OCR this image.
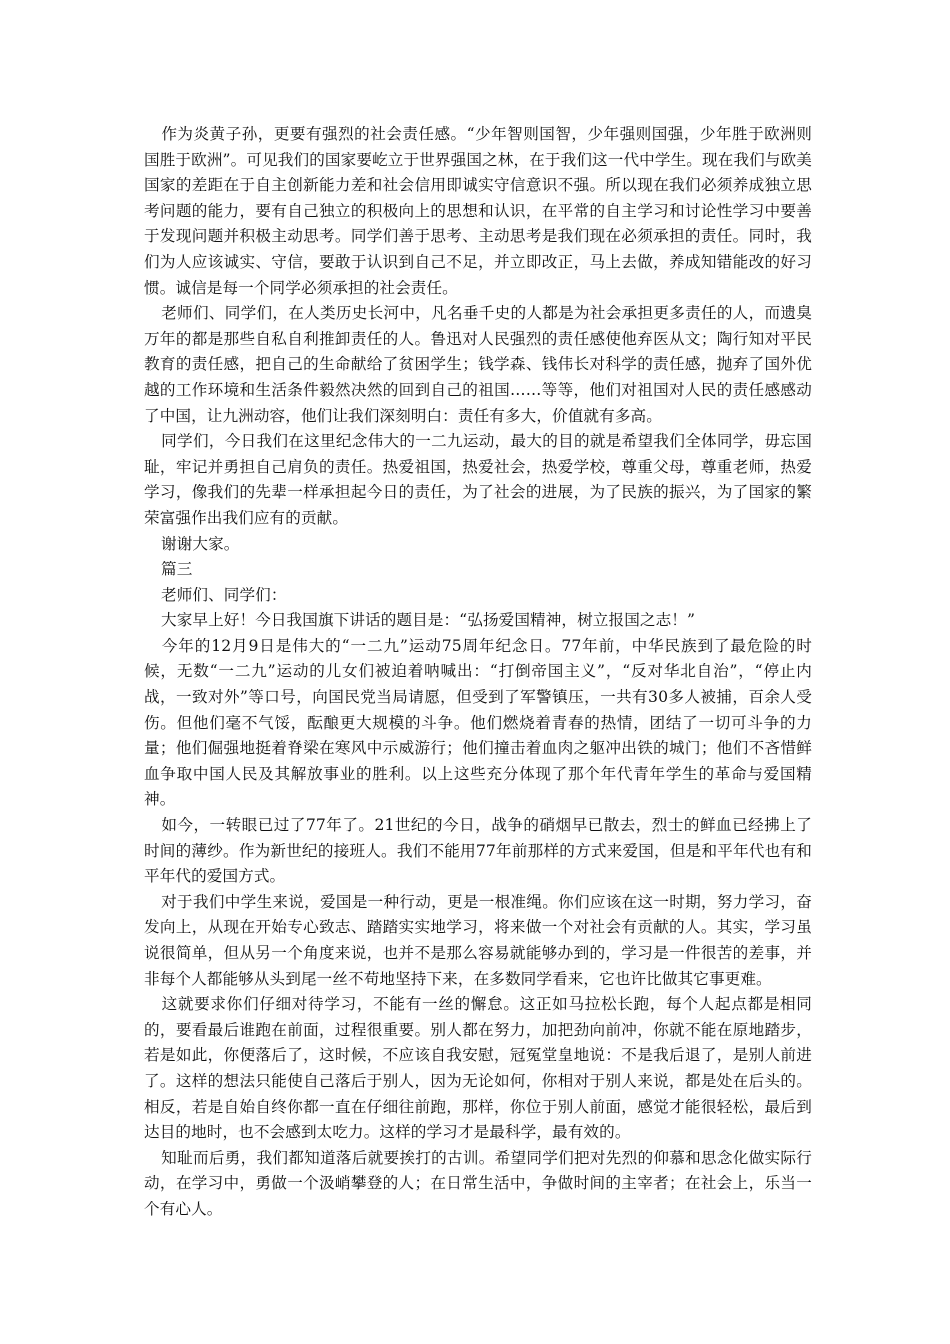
作为炎黄子孙，更要有强烈的社会责任感。“少年智则国智，少年强则国强，少年胜于欧洲则国胜于欧洲”。可见我们的国家要屹立于世界强国之林，在于我们这一代中学生。现在我们与欧美国家的差距在于自主创新能力差和社会信用即诚实守信意识不强。所以现在我们必须养成独立思考问题的能力，要有自己独立的积极向上的思想和认识，在平常的自主学习和讨论性学习中要善于发现问题并积极主动思考。同学们善于思考、主动思考是我们现在必须承担的责任。同时，我们为人应该诚实、守信，要敢于认识到自己不足，并立即改正，马上去做，养成知错能改的好习惯。诚信是每一个同学必须承担的社会责任。

老师们、同学们，在人类历史长河中，凡名垂千史的人都是为社会承担更多责任的人，而遗臭万年的都是那些自私自利推卸责任的人。鲁迅对人民强烈的责任感使他弃医从文；陶行知对平民教育的责任感，把自己的生命献给了贫困学生；钱学森、钱伟长对科学的责任感，抛弃了国外优越的工作环境和生活条件毅然决然的回到自己的祖国……等等，他们对祖国对人民的责任感感动了中国，让九洲动容，他们让我们深刻明白：责任有多大，价值就有多高。

同学们，今日我们在这里纪念伟大的一二九运动，最大的目的就是希望我们全体同学，毋忘国耻，牢记并勇担自己肩负的责任。热爱祖国，热爱社会，热爱学校，尊重父母，尊重老师，热爱学习，像我们的先辈一样承担起今日的责任，为了社会的进展，为了民族的振兴，为了国家的繁荣富强作出我们应有的贡献。

谢谢大家。

篇三

老师们、同学们：

大家早上好！今日我国旗下讲话的题目是：“弘扬爱国精神，树立报国之志！”

今年的12月9日是伟大的“一二九”运动75周年纪念日。77年前，中华民族到了最危险的时候，无数“一二九”运动的儿女们被迫着呐喊出：“打倒帝国主义”，“反对华北自治”，“停止内战，一致对外”等口号，向国民党当局请愿，但受到了军警镇压，一共有30多人被捕，百余人受伤。但他们毫不气馁，酝酿更大规模的斗争。他们燃烧着青春的热情，团结了一切可斗争的力量；他们倔强地挺着脊梁在寒风中示威游行；他们撞击着血肉之躯冲出铁的城门；他们不吝惜鲜血争取中国人民及其解放事业的胜利。以上这些充分体现了那个年代青年学生的革命与爱国精神。

如今，一转眼已过了77年了。21世纪的今日，战争的硝烟早已散去，烈士的鲜血已经拂上了时间的薄纱。作为新世纪的接班人。我们不能用77年前那样的方式来爱国，但是和平年代也有和平年代的爱国方式。

对于我们中学生来说，爱国是一种行动，更是一根准绳。你们应该在这一时期，努力学习，奋发向上，从现在开始专心致志、踏踏实实地学习，将来做一个对社会有贡献的人。其实，学习虽说很简单，但从另一个角度来说，也并不是那么容易就能够办到的，学习是一件很苦的差事，并非每个人都能够从头到尾一丝不苟地坚持下来，在多数同学看来，它也许比做其它事更难。

这就要求你们仔细对待学习，不能有一丝的懈怠。这正如马拉松长跑，每个人起点都是相同的，要看最后谁跑在前面，过程很重要。别人都在努力，加把劲向前冲，你就不能在原地踏步，若是如此，你便落后了，这时候，不应该自我安慰，冠冤堂皇地说：不是我后退了，是别人前进了。这样的想法只能使自己落后于别人，因为无论如何，你相对于别人来说，都是处在后头的。相反，若是自始自终你都一直在仔细往前跑，那样，你位于别人前面，感觉才能很轻松，最后到达目的地时，也不会感到太吃力。这样的学习才是最科学，最有效的。

知耻而后勇，我们都知道落后就要挨打的古训。希望同学们把对先烈的仰慕和思念化做实际行动，在学习中，勇做一个汲峭攀登的人；在日常生活中，争做时间的主宰者；在社会上，乐当一个有心人。
